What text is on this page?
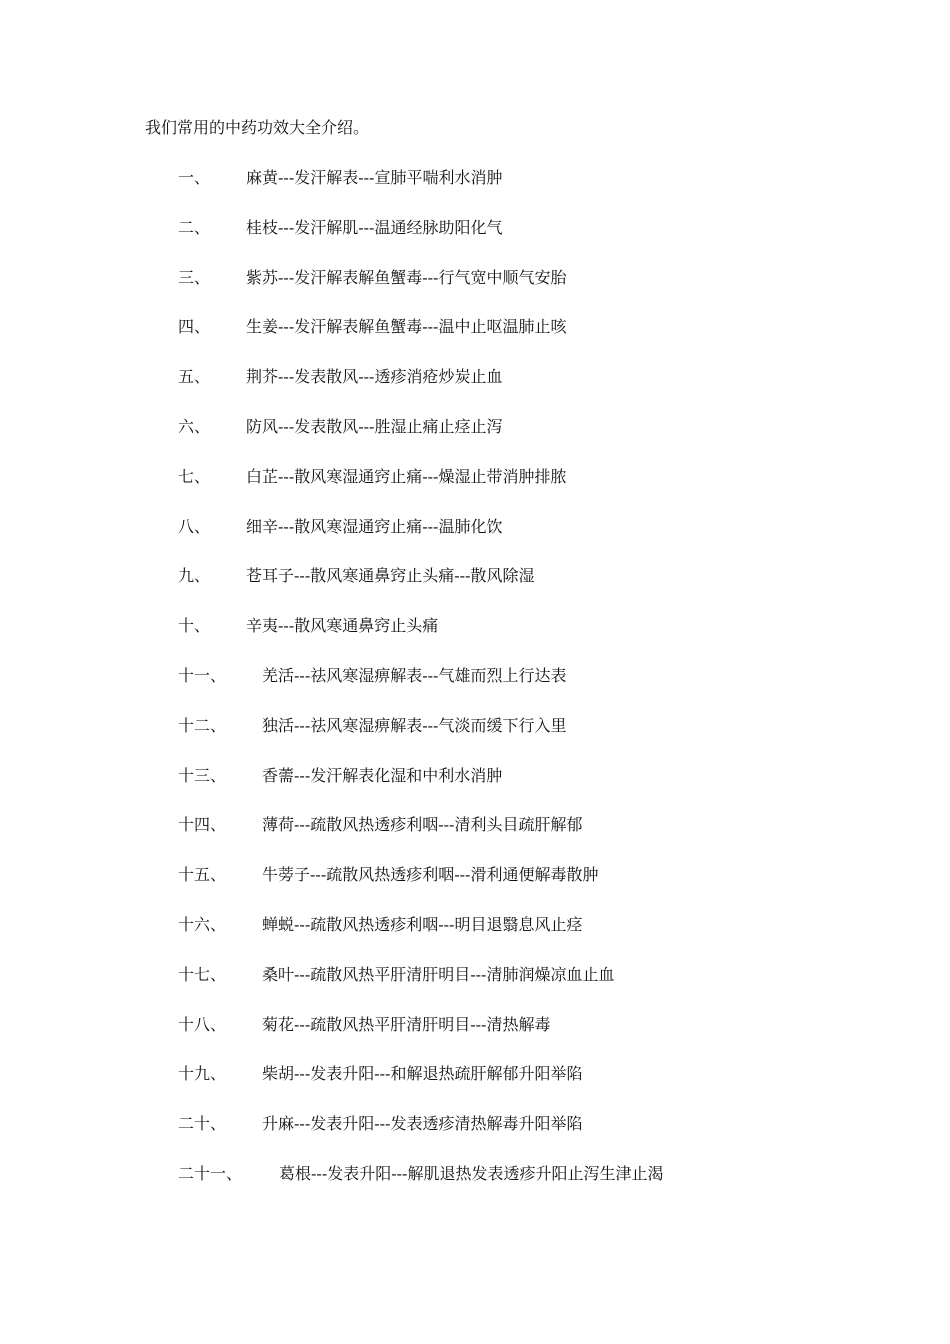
我们常用的中药功效大全介绍。
一、 麻黄---发汗解表---宣肺平喘利水消肿
二、 桂枝---发汗解肌---温通经脉助阳化气
三、 紫苏---发汗解表解鱼蟹毒---行气宽中顺气安胎
四、 生姜---发汗解表解鱼蟹毒---温中止呕温肺止咳
五、 荆芥---发表散风---透疹消疮炒炭止血
六、 防风---发表散风---胜湿止痛止痉止泻
七、 白芷---散风寒湿通窍止痛---燥湿止带消肿排脓
八、 细辛---散风寒湿通窍止痛---温肺化饮
九、 苍耳子---散风寒通鼻窍止头痛---散风除湿
十、 辛夷---散风寒通鼻窍止头痛
十一、 羌活---祛风寒湿痹解表---气雄而烈上行达表
十二、 独活---祛风寒湿痹解表---气淡而缓下行入里
十三、 香薷---发汗解表化湿和中利水消肿
十四、 薄荷---疏散风热透疹利咽---清利头目疏肝解郁
十五、 牛蒡子---疏散风热透疹利咽---滑利通便解毒散肿
十六、 蝉蜕---疏散风热透疹利咽---明目退翳息风止痉
十七、 桑叶---疏散风热平肝清肝明目---清肺润燥凉血止血
十八、 菊花---疏散风热平肝清肝明目---清热解毒
十九、 柴胡---发表升阳---和解退热疏肝解郁升阳举陷
二十、 升麻---发表升阳---发表透疹清热解毒升阳举陷
二十一、 葛根---发表升阳---解肌退热发表透疹升阳止泻生津止渴
